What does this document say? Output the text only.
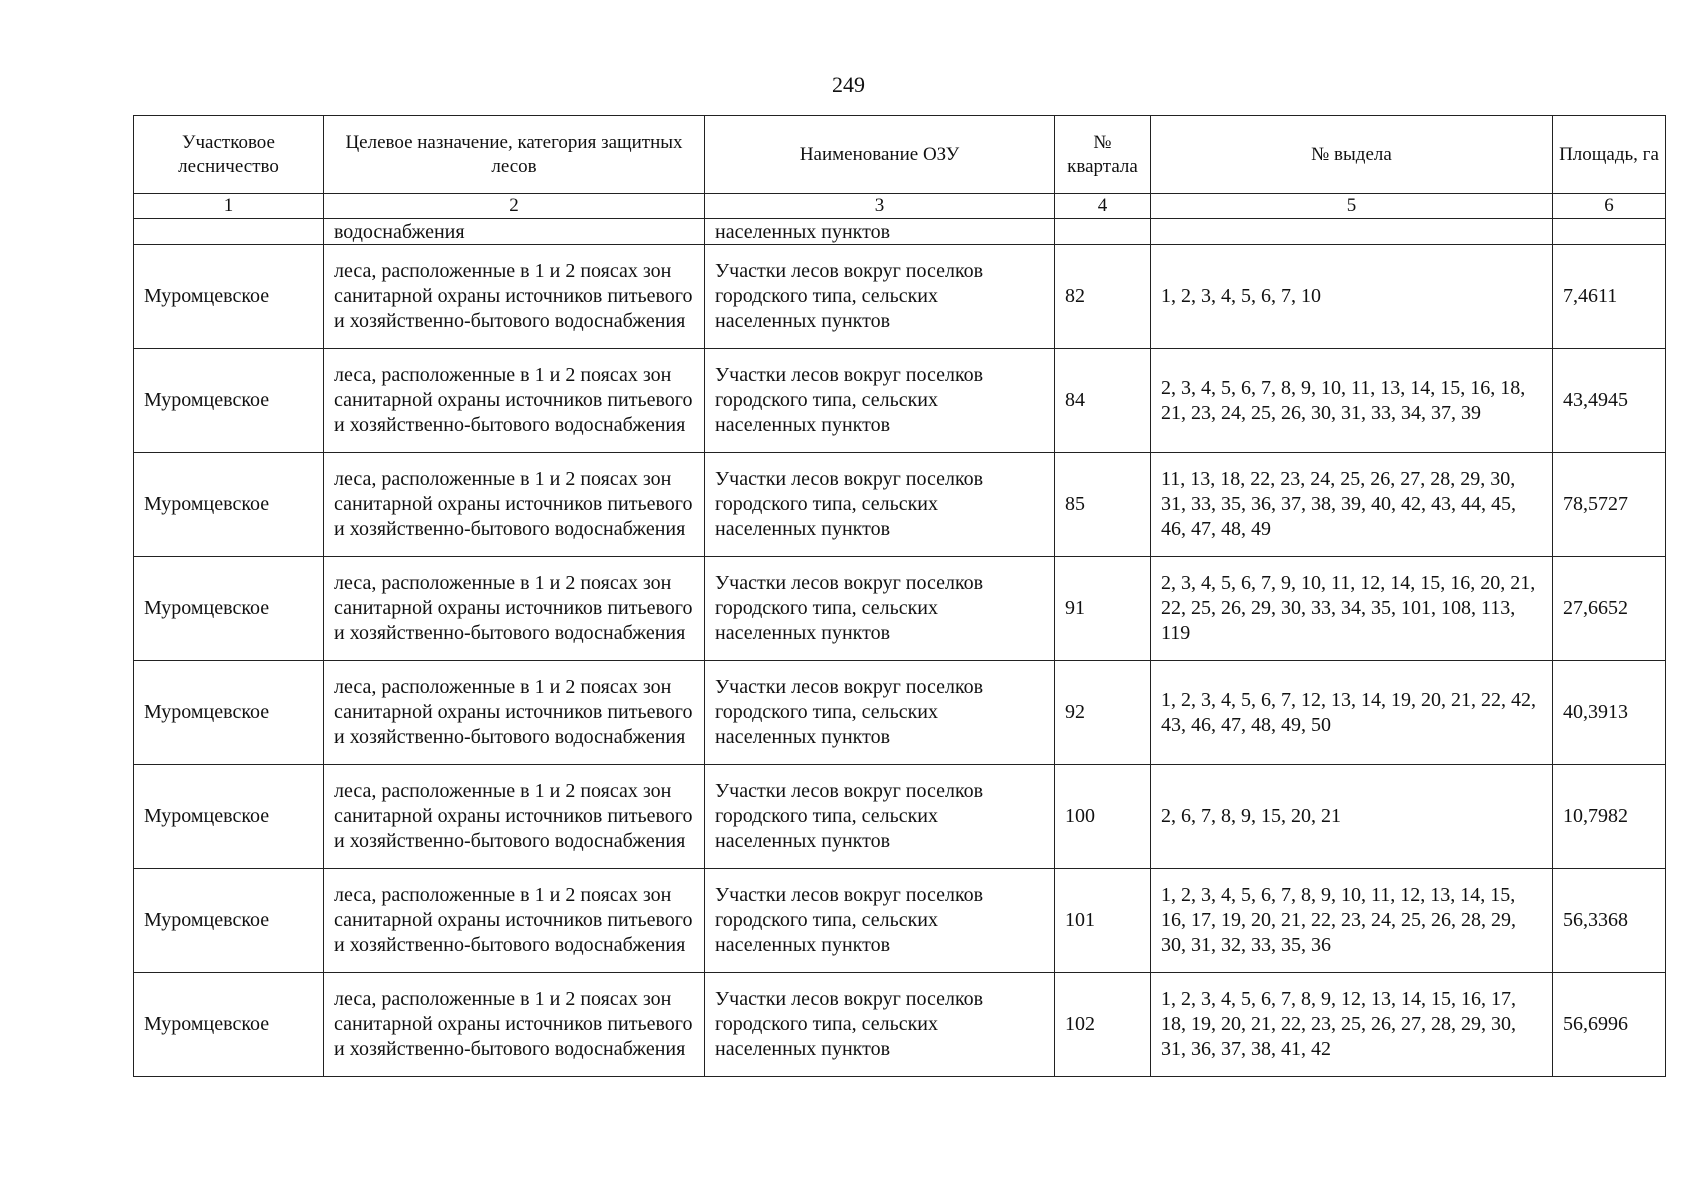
249
Участковое лесничество	Целевое назначение, категория защитных лесов	Наименование ОЗУ	№ квартала	№ выдела	Площадь, га
1	2	3	4	5	6
	водоснабжения	населенных пунктов			
Муромцевское	леса, расположенные в 1 и 2 поясах зон санитарной охраны источников питьевого и хозяйственно-бытового водоснабжения	Участки лесов вокруг поселков городского типа, сельских населенных пунктов	82	1, 2, 3, 4, 5, 6, 7, 10	7,4611
Муромцевское	леса, расположенные в 1 и 2 поясах зон санитарной охраны источников питьевого и хозяйственно-бытового водоснабжения	Участки лесов вокруг поселков городского типа, сельских населенных пунктов	84	2, 3, 4, 5, 6, 7, 8, 9, 10, 11, 13, 14, 15, 16, 18, 21, 23, 24, 25, 26, 30, 31, 33, 34, 37, 39	43,4945
Муромцевское	леса, расположенные в 1 и 2 поясах зон санитарной охраны источников питьевого и хозяйственно-бытового водоснабжения	Участки лесов вокруг поселков городского типа, сельских населенных пунктов	85	11, 13, 18, 22, 23, 24, 25, 26, 27, 28, 29, 30, 31, 33, 35, 36, 37, 38, 39, 40, 42, 43, 44, 45, 46, 47, 48, 49	78,5727
Муромцевское	леса, расположенные в 1 и 2 поясах зон санитарной охраны источников питьевого и хозяйственно-бытового водоснабжения	Участки лесов вокруг поселков городского типа, сельских населенных пунктов	91	2, 3, 4, 5, 6, 7, 9, 10, 11, 12, 14, 15, 16, 20, 21, 22, 25, 26, 29, 30, 33, 34, 35, 101, 108, 113, 119	27,6652
Муромцевское	леса, расположенные в 1 и 2 поясах зон санитарной охраны источников питьевого и хозяйственно-бытового водоснабжения	Участки лесов вокруг поселков городского типа, сельских населенных пунктов	92	1, 2, 3, 4, 5, 6, 7, 12, 13, 14, 19, 20, 21, 22, 42, 43, 46, 47, 48, 49, 50	40,3913
Муромцевское	леса, расположенные в 1 и 2 поясах зон санитарной охраны источников питьевого и хозяйственно-бытового водоснабжения	Участки лесов вокруг поселков городского типа, сельских населенных пунктов	100	2, 6, 7, 8, 9, 15, 20, 21	10,7982
Муромцевское	леса, расположенные в 1 и 2 поясах зон санитарной охраны источников питьевого и хозяйственно-бытового водоснабжения	Участки лесов вокруг поселков городского типа, сельских населенных пунктов	101	1, 2, 3, 4, 5, 6, 7, 8, 9, 10, 11, 12, 13, 14, 15, 16, 17, 19, 20, 21, 22, 23, 24, 25, 26, 28, 29, 30, 31, 32, 33, 35, 36	56,3368
Муромцевское	леса, расположенные в 1 и 2 поясах зон санитарной охраны источников питьевого и хозяйственно-бытового водоснабжения	Участки лесов вокруг поселков городского типа, сельских населенных пунктов	102	1, 2, 3, 4, 5, 6, 7, 8, 9, 12, 13, 14, 15, 16, 17, 18, 19, 20, 21, 22, 23, 25, 26, 27, 28, 29, 30, 31, 36, 37, 38, 41, 42	56,6996
